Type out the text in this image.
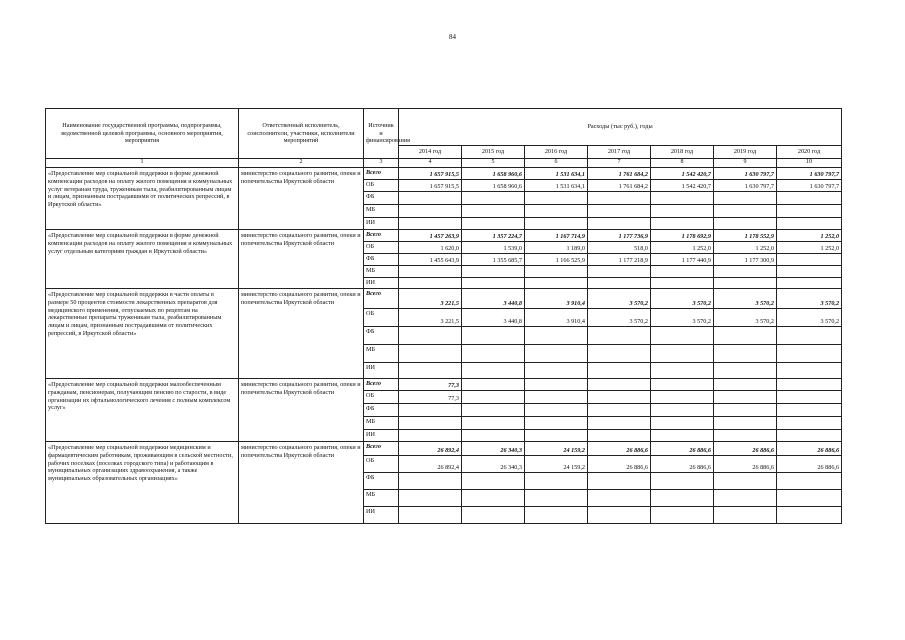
84
Наименование государственной программы, подпрограммы, ведомственной целевой программы, основного мероприятия, мероприятия	Ответственный исполнитель, соисполнители, участники, исполнители мероприятий	Источник и финансирования	Расходы (тыс руб.), годы						
			2014 год	2015 год	2016 год	2017 год	2018 год	2019 год	2020 год
1	2	3	4	5	6	7	8	9	10
«Предоставление мер социальной поддержки в форме денежной компенсации расходов на оплату жилого помещения и коммунальных услуг ветеранам труда, труженикам тыла, реабилитированным лицам и лицам, признанным пострадавшими от политических репрессий, в Иркутской области»	министерство социального развития, опеки и попечительства Иркутской области	Всего	1 657 915,5	1 658 960,6	1 531 634,1	1 761 684,2	1 542 420,7	1 630 797,7	1 630 797,7
		ОБ	1 657 915,5	1 658 960,6	1 531 634,1	1 761 684,2	1 542 420,7	1 630 797,7	1 630 797,7
		ФБ							
		МБ							
		ИИ							
«Предоставление мер социальной поддержки в форме денежной компенсации расходов на оплату жилого помещения и коммунальных услуг отдельным категориям граждан в Иркутской области»	министерство социального развития, опеки и попечительства Иркутской области	Всего	1 457 263,9	1 357 224,7	1 167 714,9	1 177 736,9	1 178 692,9	1 178 552,9	1 252,0
		ОБ	1 620,0	1 539,0	1 189,0	518,0	1 252,0	1 252,0	1 252,0
		ФБ	1 455 643,9	1 355 685,7	1 166 525,9	1 177 218,9	1 177 440,9	1 177 300,9	
		МБ							
		ИИ							
«Предоставление мер социальной поддержки в части оплаты в размере 50 процентов стоимости лекарственных препаратов для медицинского применения, отпускаемых по рецептам на лекарственные препараты труженикам тыла, реабилитированным лицам и лицам, признанным пострадавшими от политических репрессий, в Иркутской области»	министерство социального развития, опеки и попечительства Иркутской области	Всего	3 221,5	3 440,8	3 910,4	3 570,2	3 570,2	3 570,2	3 570,2
		ОБ	3 221,5	3 440,8	3 910,4	3 570,2	3 570,2	3 570,2	3 570,2
		ФБ							
		МБ							
		ИИ							
«Предоставление мер социальной поддержки малообеспеченным гражданам, пенсионерам, получающим пенсию по старости, в виде организации их офтальмологического лечения с полным комплексом услуг»	министерство социального развития, опеки и попечительства Иркутской области	Всего	77,3						
		ОБ	77,3						
		ФБ							
		МБ							
		ИИ							
«Предоставление мер социальной поддержки медицинским и фармацевтическим работникам, проживающим в сельской местности, рабочих поселках (поселках городского типа) и работающим в муниципальных организациях здравоохранения, а также муниципальных образовательных организациях»	министерство социального развития, опеки и попечительства Иркутской области	Всего	26 892,4	26 340,3	24 159,2	26 886,6	26 886,6	26 886,6	26 886,6
		ОБ	26 892,4	26 340,3	24 159,2	26 886,6	26 886,6	26 886,6	26 886,6
		ФБ							
		МБ							
		ИИ							
